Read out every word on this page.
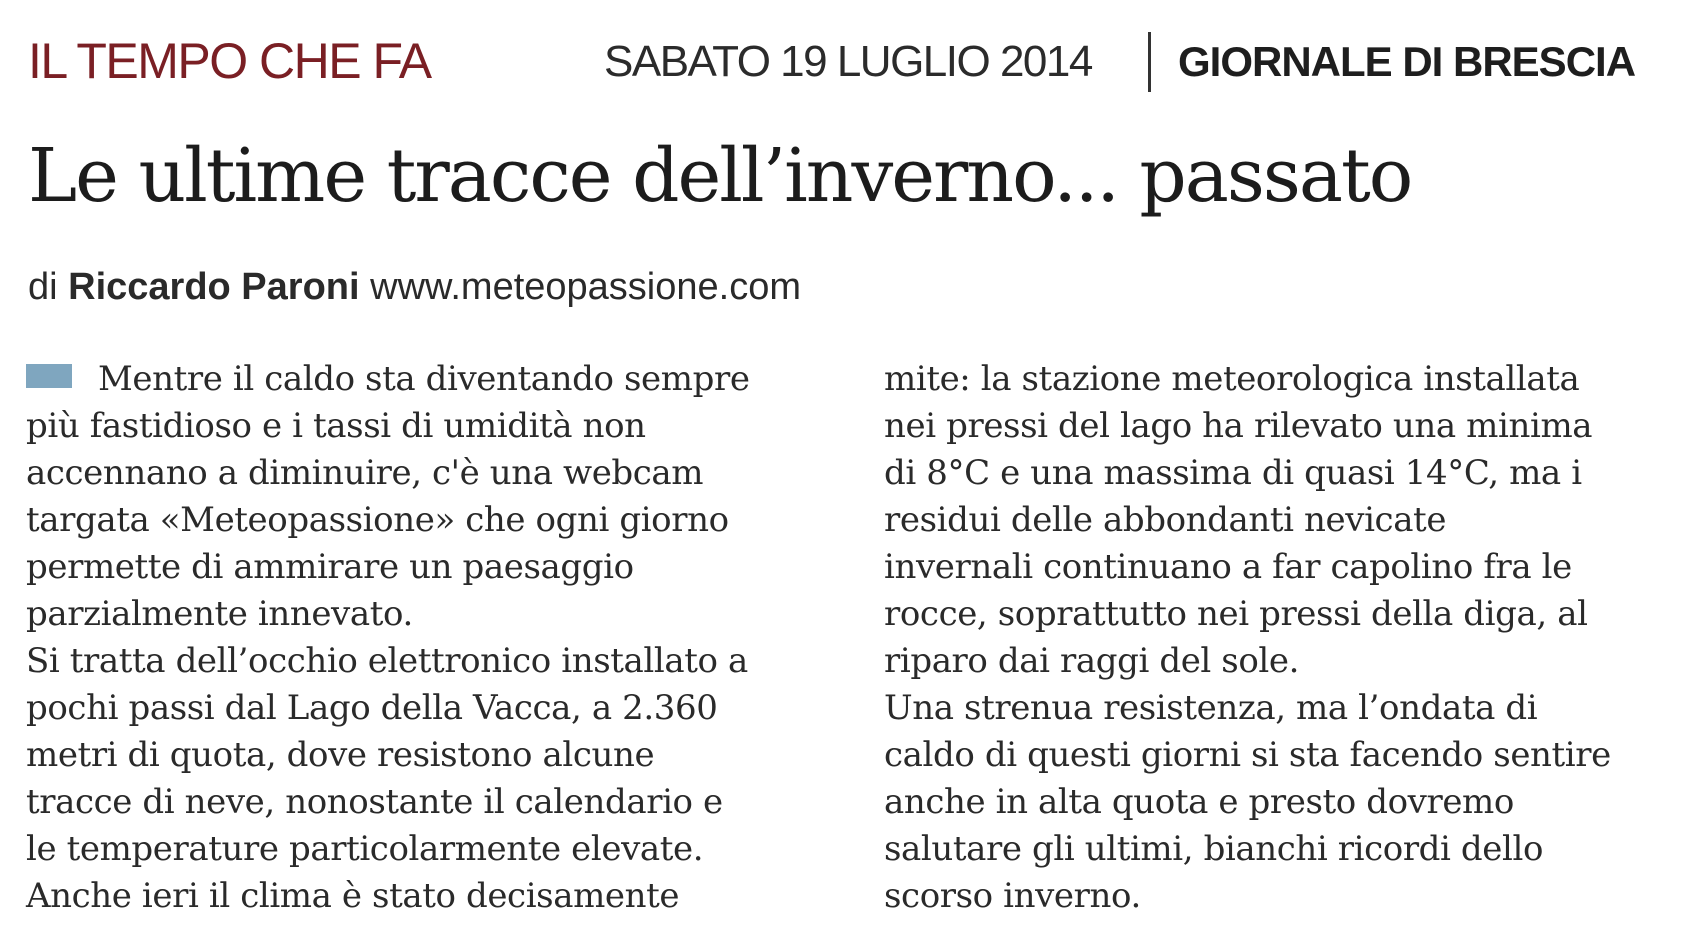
IL TEMPO CHE FA	SABATO 19 LUGLIO 2014 GIORNALE DI BRESCIA
Le ultime tracce dell’inverno... passato
di Riccardo Paroni www.meteopassione.com
Mentre il caldo sta diventando sempre
più fastidioso e i tassi di umidità non
accennano a diminuire, c'è una webcam
targata «Meteopassione» che ogni giorno
permette di ammirare un paesaggio
parzialmente innevato.
Si tratta dell’occhio elettronico installato a
pochi passi dal Lago della Vacca, a 2.360
metri di quota, dove resistono alcune
tracce di neve, nonostante il calendario e
le temperature particolarmente elevate.
Anche ieri il clima è stato decisamente
mite: la stazione meteorologica installata
nei pressi del lago ha rilevato una minima
di 8°C e una massima di quasi 14°C, ma i
residui delle abbondanti nevicate
invernali continuano a far capolino fra le
rocce, soprattutto nei pressi della diga, al
riparo dai raggi del sole.
Una strenua resistenza, ma l’ondata di
caldo di questi giorni si sta facendo sentire
anche in alta quota e presto dovremo
salutare gli ultimi, bianchi ricordi dello
scorso inverno.
